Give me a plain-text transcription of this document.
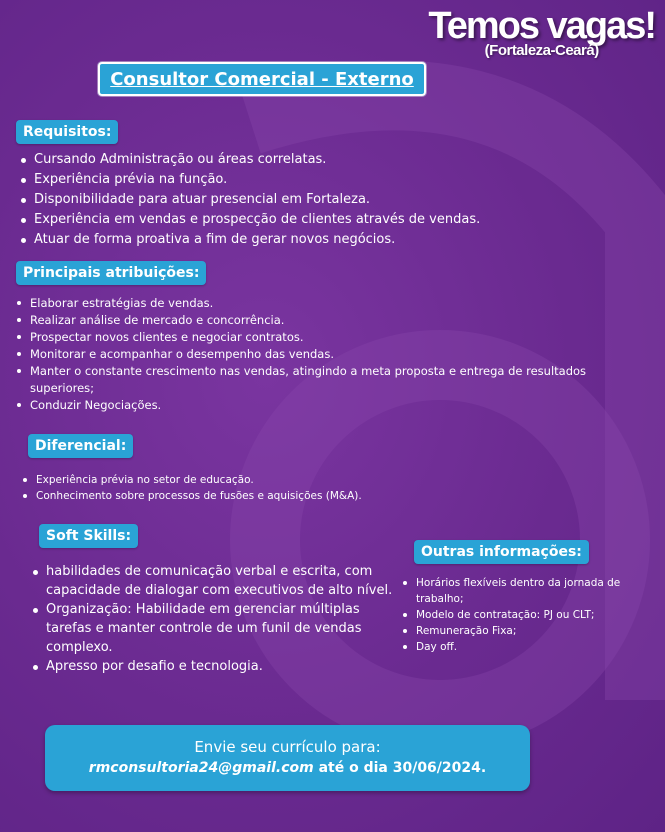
Temos vagas!
(Fortaleza-Ceará)
Consultor Comercial - Externo
Requisitos:
Cursando Administração ou áreas correlatas.
Experiência prévia na função.
Disponibilidade para atuar presencial em Fortaleza.
Experiência em vendas e prospecção de clientes através de vendas.
Atuar de forma proativa a fim de gerar novos negócios.
Principais atribuições:
Elaborar estratégias de vendas.
Realizar análise de mercado e concorrência.
Prospectar novos clientes e negociar contratos.
Monitorar e acompanhar o desempenho das vendas.
Manter o constante crescimento nas vendas, atingindo a meta proposta e entrega de resultados superiores;
Conduzir Negociações.
Diferencial:
Experiência prévia no setor de educação.
Conhecimento sobre processos de fusões e aquisições (M&A).
Soft Skills:
habilidades de comunicação verbal e escrita, com capacidade de dialogar com executivos de alto nível.
Organização: Habilidade em gerenciar múltiplas tarefas e manter controle de um funil de vendas complexo.
Apresso por desafio e tecnologia.
Outras informações:
Horários flexíveis dentro da jornada de trabalho;
Modelo de contratação: PJ ou CLT;
Remuneração Fixa;
Day off.
Envie seu currículo para:
rmconsultoria24@gmail.com até o dia 30/06/2024.
